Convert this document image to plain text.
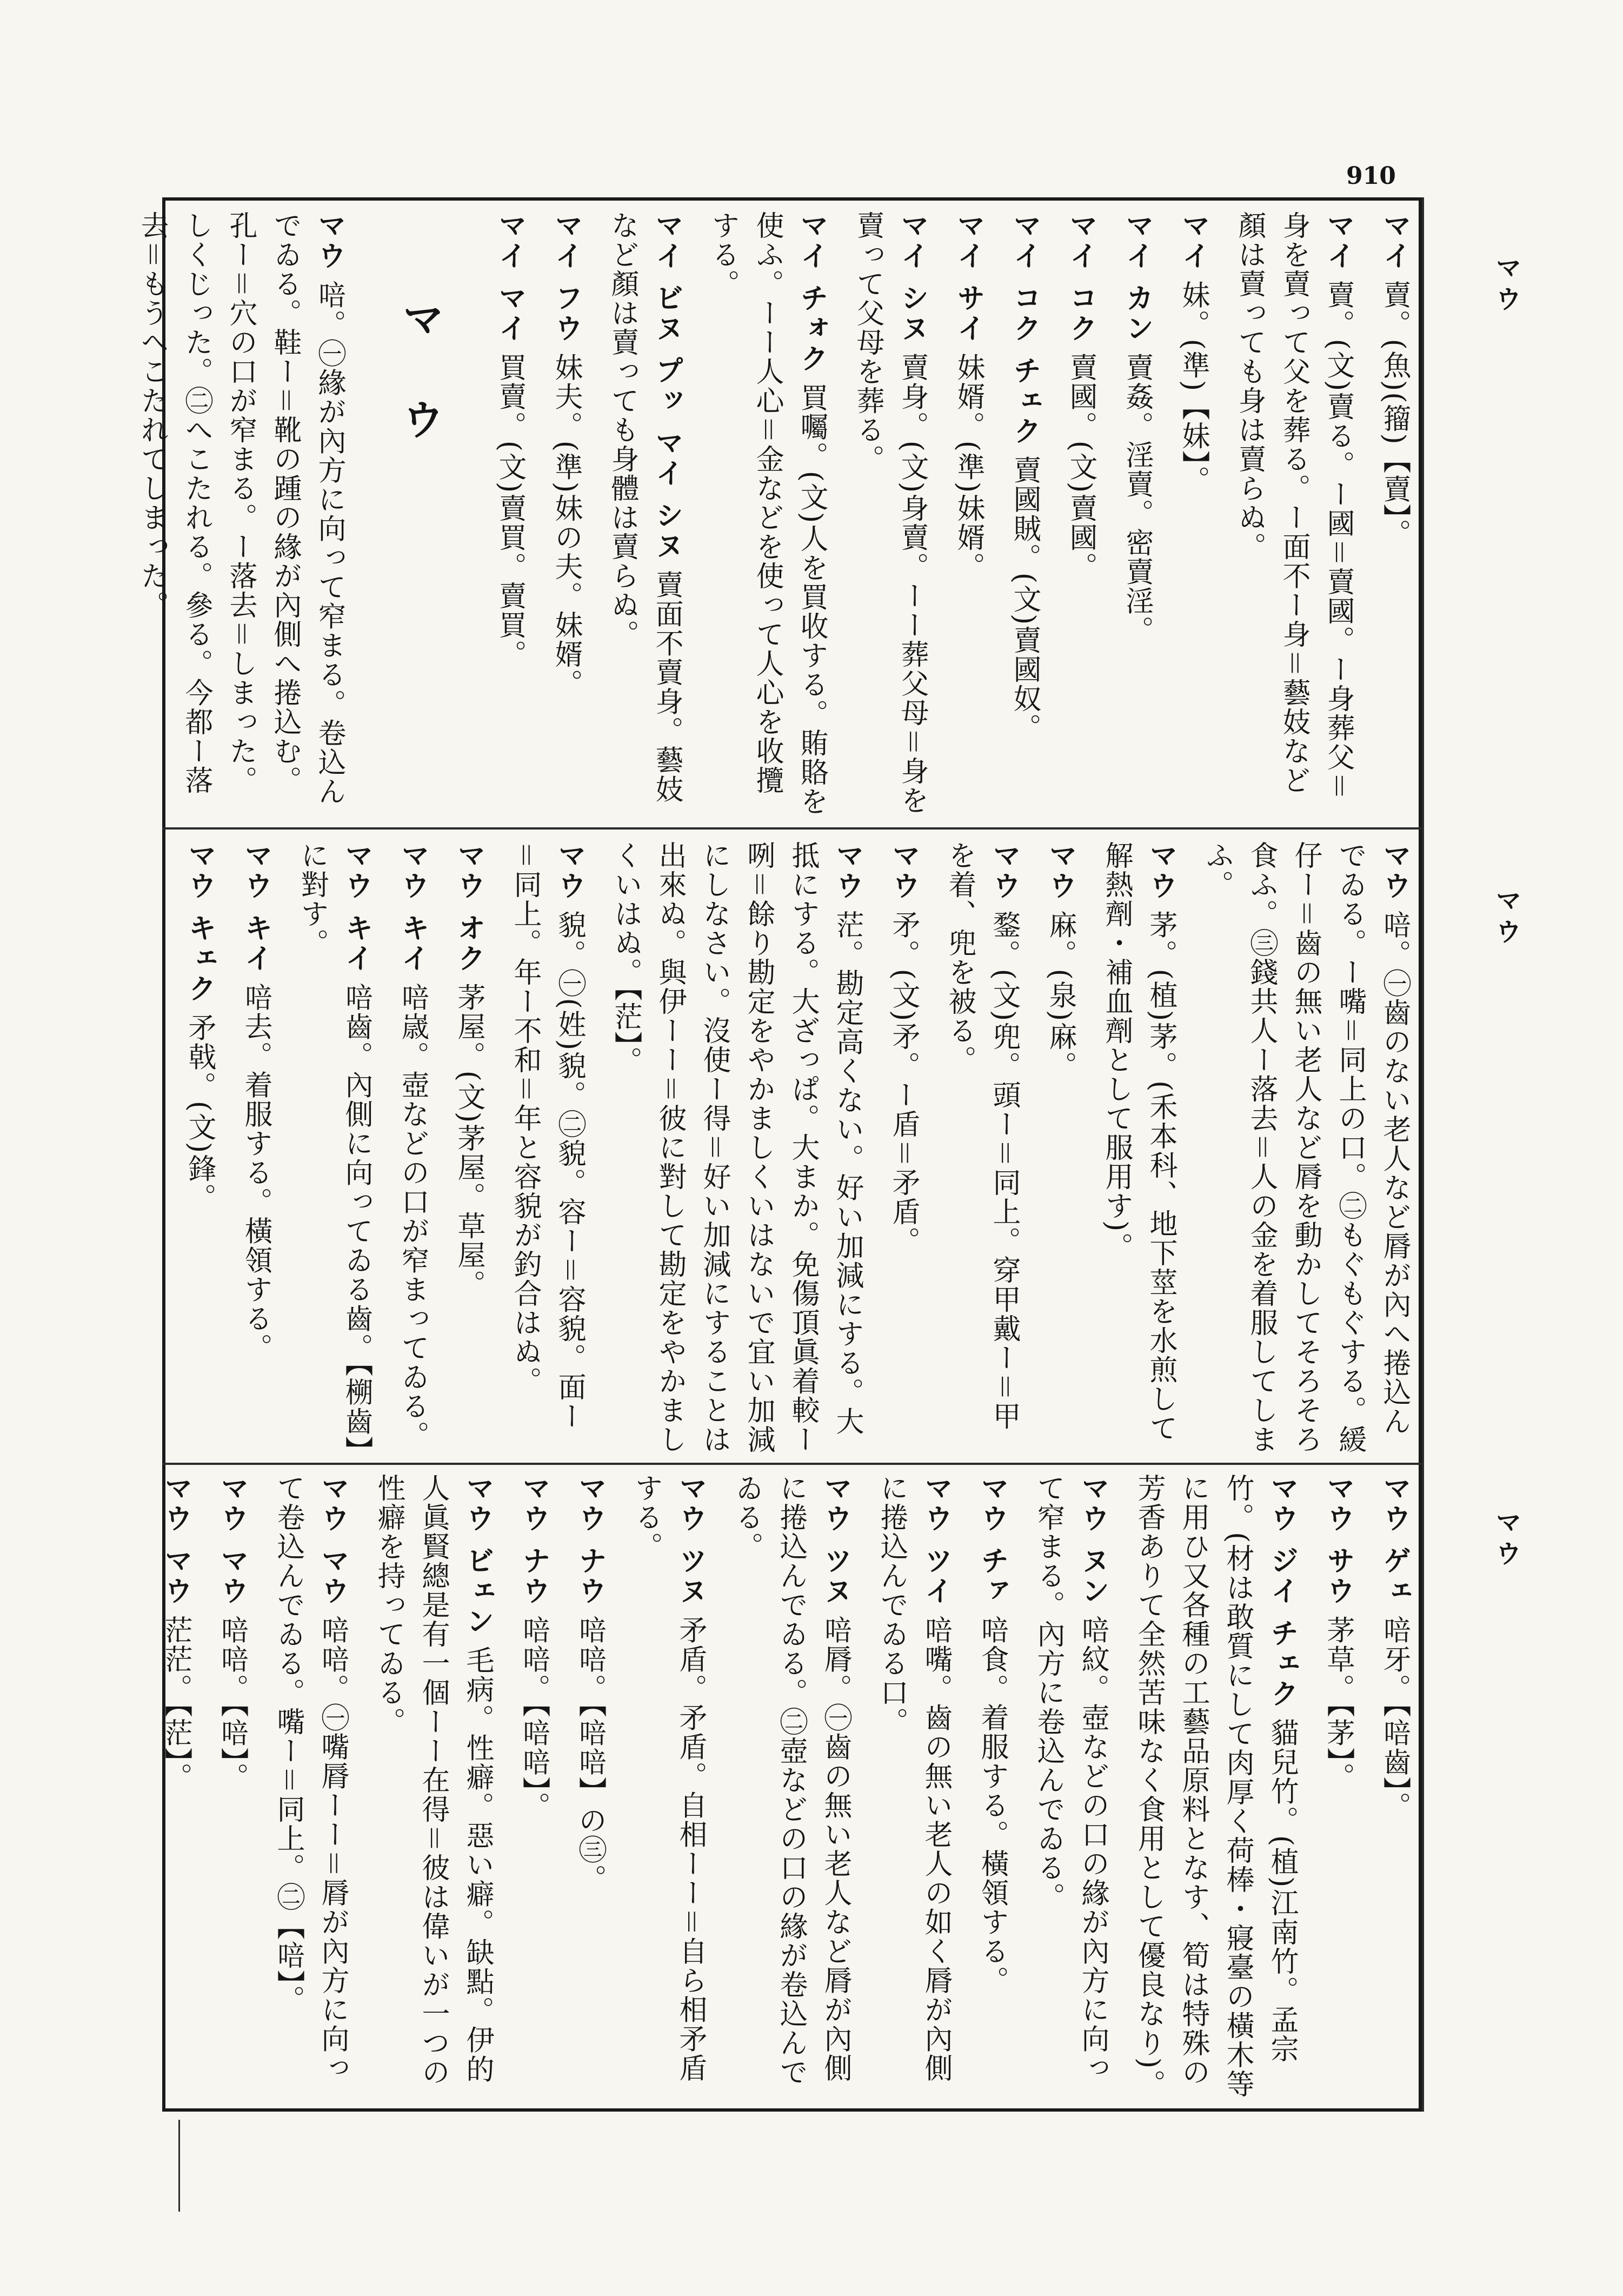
910
マウ
マウ
マウ

マイ 賣。(魚)(籀)【賣】。

マイ 賣。(文)賣る。ー國＝賣國。ー身葬父＝身を賣って父を葬る。ー面不ー身＝藝妓など顏は賣っても身は賣らぬ。

マイ 妹。(準)【妹】。

マイ カン 賣姦。淫賣。密賣淫。

マイ コク 賣國。(文)賣國。

マイ コク チェク 賣國賊。(文)賣國奴。

マイ サイ 妹婿。(準)妹婿。

マイ シヌ 賣身。(文)身賣。ーー葬父母＝身を賣って父母を葬る。

マイ チォク 買囑。(文)人を買收する。賄賂を使ふ。ーー人心＝金などを使って人心を收攬する。

マイ ビヌ プッ マイ シヌ 賣面不賣身。藝妓など顏は賣っても身體は賣らぬ。

マイ フウ 妹夫。(準)妹の夫。妹婿。

マイ マイ 買賣。(文)賣買。賣買。

マ ウ

マウ 㖣。㊀緣が內方に向って窄まる。卷込んでゐる。鞋ー＝靴の踵の緣が內側へ捲込む。孔ー＝穴の口が窄まる。ー落去＝しまった。しくじった。㊁へこたれる。參る。今都ー落去＝もうへこたれてしまった。

マウ 㖣。㊀齒のない老人など脣が內へ捲込んでゐる。ー嘴＝同上の口。㊁もぐもぐする。緩仔ー＝齒の無い老人など脣を動かしてそろそろ食ふ。㊂錢共人ー落去＝人の金を着服してしまふ。

マウ 茅。(植)茅。(禾本科、地下莖を水煎して解熱劑・補血劑として服用す)。

マウ 麻。(泉)麻。

マウ 鍪。(文)兜。頭ー＝同上。穿甲戴ー＝甲を着、兜を被る。

マウ 矛。(文)矛。ー盾＝矛盾。

マウ 茫。勘定高くない。好い加減にする。大抵にする。大ざっぱ。大まか。免傷頂眞着較ー咧＝餘り勘定をやかましくいはないで宜い加減にしなさい。沒使ー得＝好い加減にすることは出來ぬ。與伊ーー＝彼に對して勘定をやかましくいはぬ。【茫】。

マウ 貌。㊀(姓)貌。㊁貌。容ー＝容貌。面ー＝同上。年ー不和＝年と容貌が釣合はぬ。

マウ オク 茅屋。(文)茅屋。草屋。

マウ キイ 㖣𡻕。壺などの口が窄まってゐる。

マウ キイ 㖣齒。內側に向ってゐる齒。【㮶齒】に對す。

マウ キイ 㖣去。着服する。橫領する。

マウ キェク 矛戟。(文)鋒。

マウ ゲェ 㖣牙。【㖣齒】。

マウ サウ 茅草。【茅】。

マウ ジイ チェク 貓兒竹。(植)江南竹。孟宗竹。(材は敢質にして肉厚く荷棒・寢臺の橫木等に用ひ又各種の工藝品原料となす、筍は特殊の芳香ありて全然苦味なく食用として優良なり)。

マウ ヌン 㖣紋。壺などの口の緣が內方に向って窄まる。內方に卷込んでゐる。

マウ チァ 㖣食。着服する。橫領する。

マウ ツイ 㖣嘴。齒の無い老人の如く脣が內側に捲込んでゐる口。

マウ ツヌ 㖣脣。㊀齒の無い老人など脣が內側に捲込んでゐる。㊁壺などの口の緣が卷込んでゐる。

マウ ツヌ 矛盾。矛盾。自相ーー＝自ら相矛盾する。

マウ ナウ 㖣㖣。【㖣㖣】の㊂。

マウ ナウ 㖣㖣。【㖣㖣】。

マウ ビェン 毛病。性癖。惡い癖。缺點。伊的人眞賢總是有一個ーー在得＝彼は偉いが一つの性癖を持ってゐる。

マウ マウ 㖣㖣。㊀嘴脣ーー＝脣が內方に向って卷込んでゐる。嘴ー＝同上。㊁【㖣】。

マウ マウ 㖣㖣。【㖣】。

マウ マウ 茫茫。【茫】。
